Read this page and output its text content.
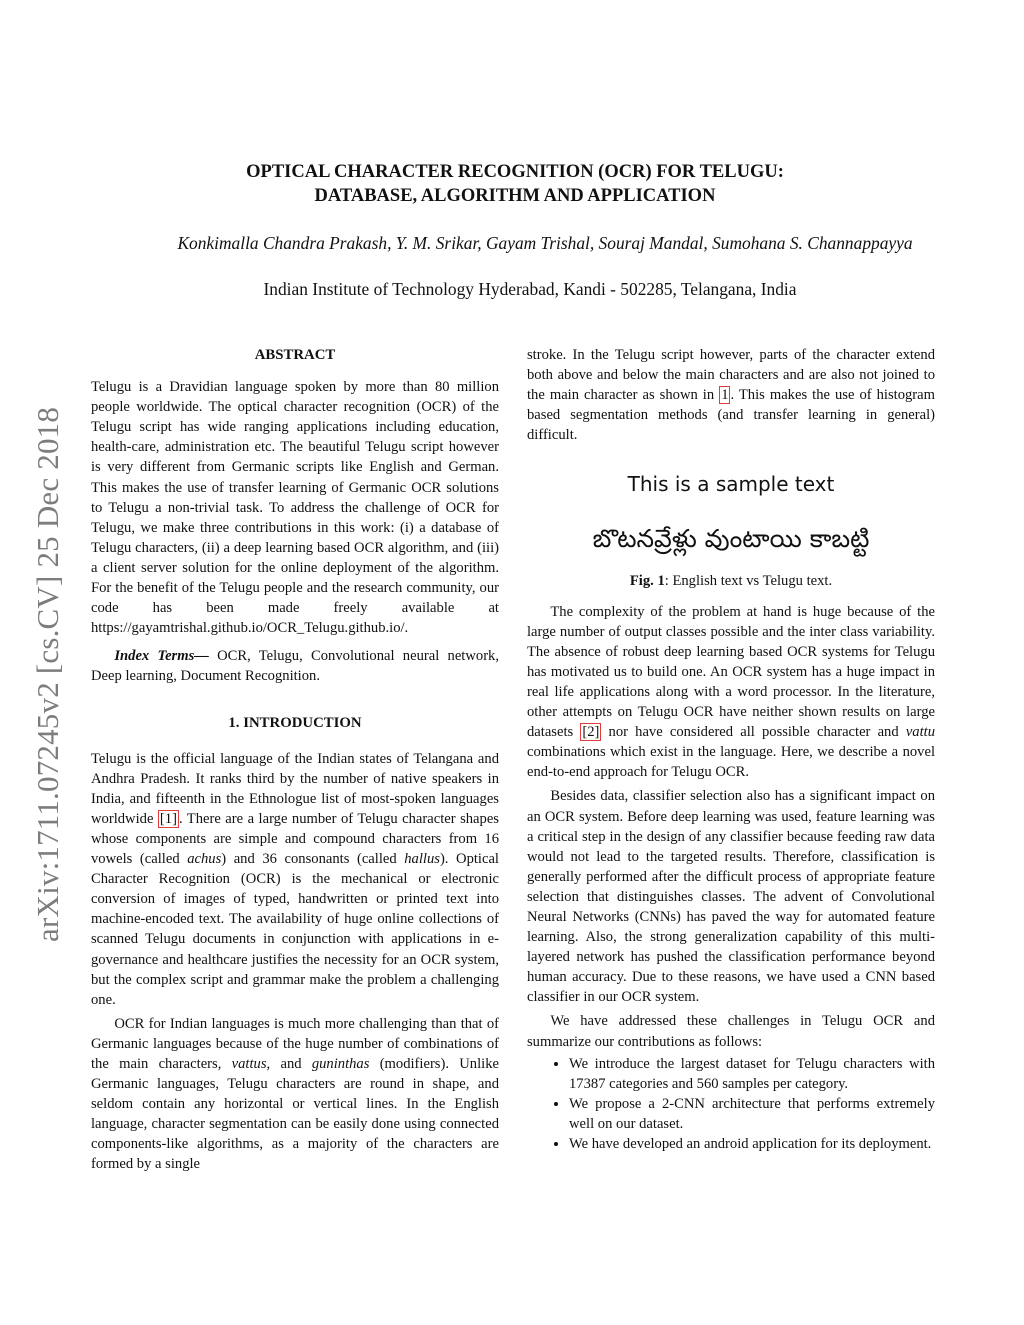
arXiv:1711.07245v2 [cs.CV] 25 Dec 2018
OPTICAL CHARACTER RECOGNITION (OCR) FOR TELUGU:
DATABASE, ALGORITHM AND APPLICATION
Konkimalla Chandra Prakash, Y. M. Srikar, Gayam Trishal, Souraj Mandal, Sumohana S. Channappayya
Indian Institute of Technology Hyderabad, Kandi - 502285, Telangana, India
ABSTRACT

Telugu is a Dravidian language spoken by more than 80 million people worldwide. The optical character recognition (OCR) of the Telugu script has wide ranging applications including education, health-care, administration etc. The beautiful Telugu script however is very different from Germanic scripts like English and German. This makes the use of transfer learning of Germanic OCR solutions to Telugu a non-trivial task. To address the challenge of OCR for Telugu, we make three contributions in this work: (i) a database of Telugu characters, (ii) a deep learning based OCR algorithm, and (iii) a client server solution for the online deployment of the algorithm. For the benefit of the Telugu people and the research community, our code has been made freely available at https://gayamtrishal.github.io/OCR_Telugu.github.io/.

Index Terms— OCR, Telugu, Convolutional neural network, Deep learning, Document Recognition.

1. INTRODUCTION

Telugu is the official language of the Indian states of Telangana and Andhra Pradesh. It ranks third by the number of native speakers in India, and fifteenth in the Ethnologue list of most-spoken languages worldwide [1] . There are a large number of Telugu character shapes whose components are simple and compound characters from 16 vowels (called achus) and 36 consonants (called hallus). Optical Character Recognition (OCR) is the mechanical or electronic conversion of images of typed, handwritten or printed text into machine-encoded text. The availability of huge online collections of scanned Telugu documents in conjunction with applications in e-governance and healthcare justifies the necessity for an OCR system, but the complex script and grammar make the problem a challenging one.

OCR for Indian languages is much more challenging than that of Germanic languages because of the huge number of combinations of the main characters, vattus, and guninthas (modifiers). Unlike Germanic languages, Telugu characters are round in shape, and seldom contain any horizontal or vertical lines. In the English language, character segmentation can be easily done using connected components-like algorithms, as a majority of the characters are formed by a single

stroke. In the Telugu script however, parts of the character extend both above and below the main characters and are also not joined to the main character as shown in 1 . This makes the use of histogram based segmentation methods (and transfer learning in general) difficult.

This is a sample text
బొటనవ్రేళ్లు వుంటాయి కాబట్టి
Fig. 1: English text vs Telugu text.

The complexity of the problem at hand is huge because of the large number of output classes possible and the inter class variability. The absence of robust deep learning based OCR systems for Telugu has motivated us to build one. An OCR system has a huge impact in real life applications along with a word processor. In the literature, other attempts on Telugu OCR have neither shown results on large datasets [2] nor have considered all possible character and vattu combinations which exist in the language. Here, we describe a novel end-to-end approach for Telugu OCR.

Besides data, classifier selection also has a significant impact on an OCR system. Before deep learning was used, feature learning was a critical step in the design of any classifier because feeding raw data would not lead to the targeted results. Therefore, classification is generally performed after the difficult process of appropriate feature selection that distinguishes classes. The advent of Convolutional Neural Networks (CNNs) has paved the way for automated feature learning. Also, the strong generalization capability of this multi-layered network has pushed the classification performance beyond human accuracy. Due to these reasons, we have used a CNN based classifier in our OCR system.

We have addressed these challenges in Telugu OCR and summarize our contributions as follows:

• We introduce the largest dataset for Telugu characters with 17387 categories and 560 samples per category.
• We propose a 2-CNN architecture that performs extremely well on our dataset.
• We have developed an android application for its deployment.
